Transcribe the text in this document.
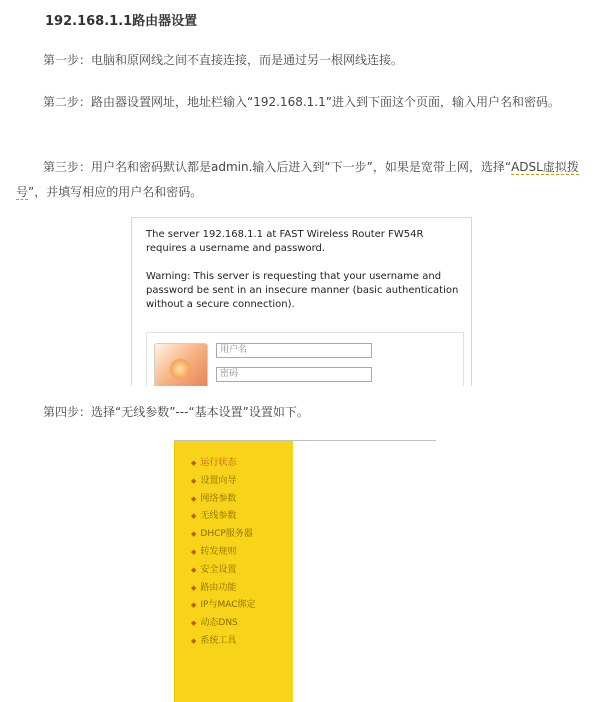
192.168.1.1路由器设置

第一步：电脑和原网线之间不直接连接，而是通过另一根网线连接。

第二步：路由器设置网址，地址栏输入“192.168.1.1”进入到下面这个页面，输入用户名和密码。

第三步：用户名和密码默认都是admin.输入后进入到“下一步”，如果是宽带上网，选择“ADSL虚拟拨号”，并填写相应的用户名和密码。

The server 192.168.1.1 at FAST Wireless Router FW54R requires a username and password.

Warning: This server is requesting that your username and password be sent in an insecure manner (basic authentication without a secure connection).

用户名
密码

第四步：选择“无线参数”---“基本设置”设置如下。

◆ 运行状态
◆ 设置向导
◆ 网络参数
◆ 无线参数
◆ DHCP服务器
◆ 转发规则
◆ 安全设置
◆ 路由功能
◆ IP与MAC绑定
◆ 动态DNS
◆ 系统工具
